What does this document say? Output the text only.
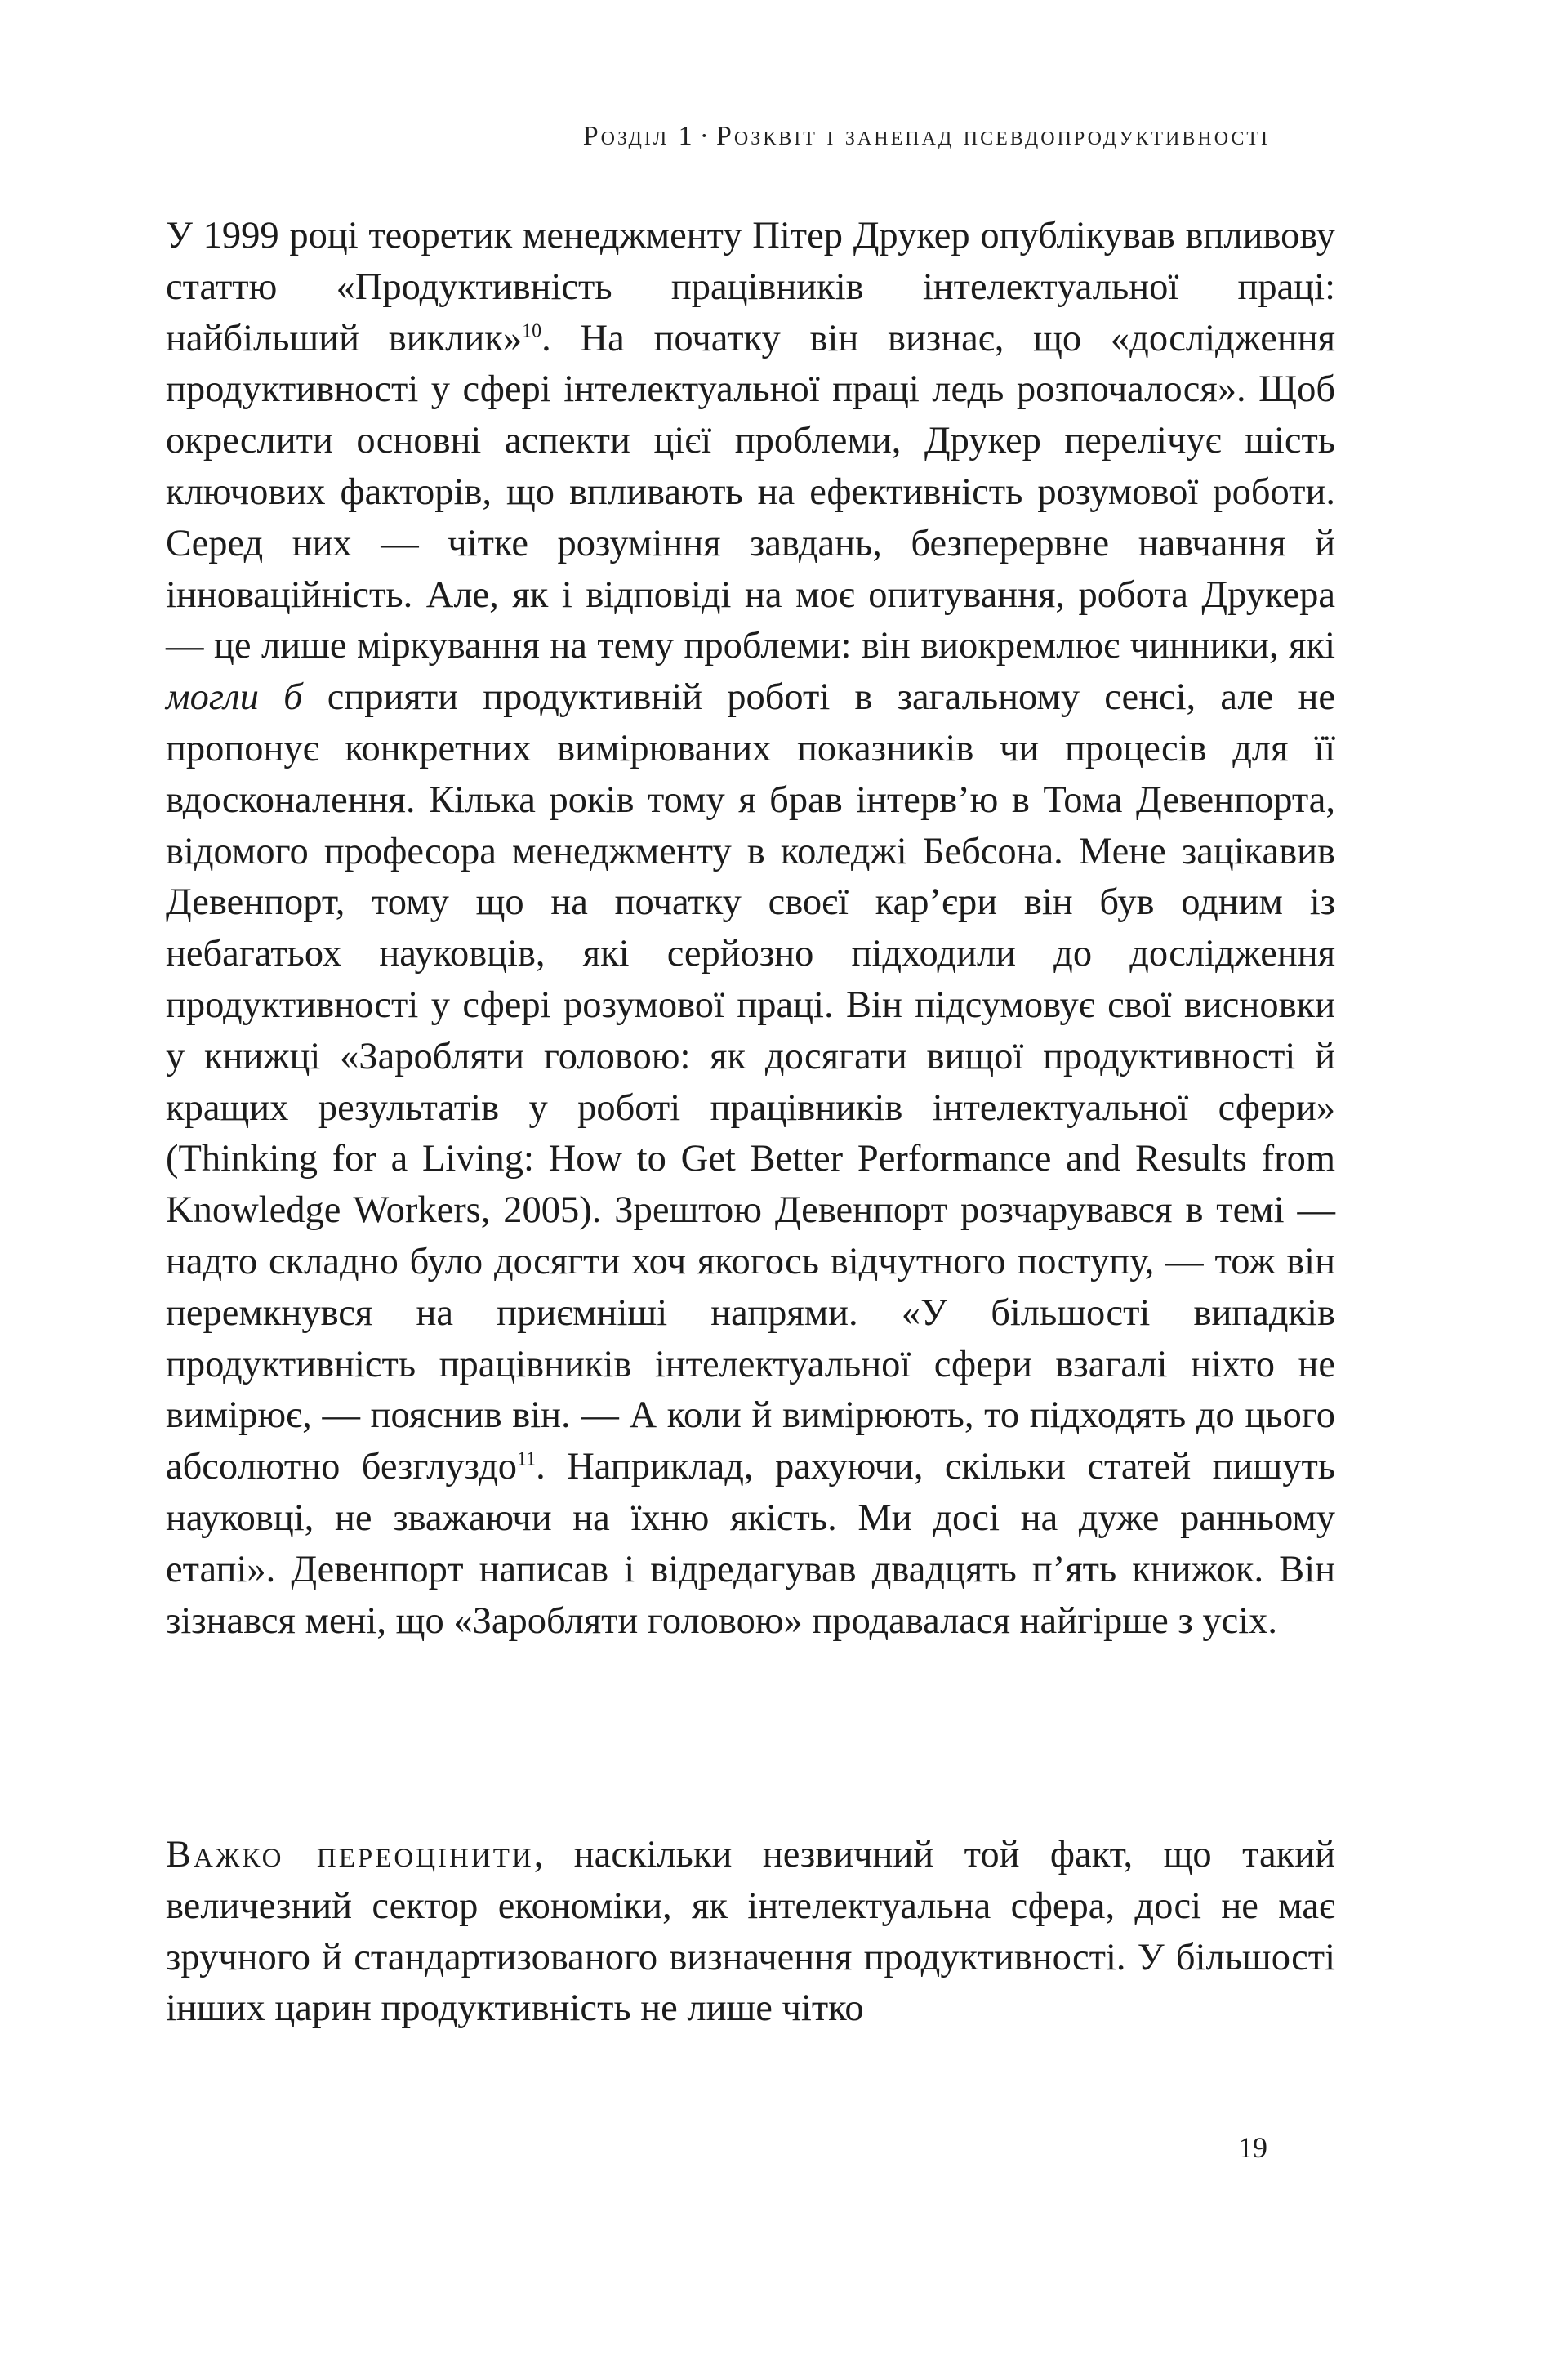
Розділ 1 · Розквіт і занепад псевдопродуктивності
У 1999 році теоретик менеджменту Пітер Друкер опублікував впливову статтю «Продуктивність працівників інтелектуальної праці: найбільший виклик»$^{10}$. На початку він визнає, що «дослідження продуктивності у сфері інтелектуальної праці ледь розпочалося». Щоб окреслити основні аспекти цієї проблеми, Друкер перелічує шість ключових факторів, що впливають на ефективність розумової роботи. Серед них — чітке розуміння завдань, безперервне навчання й інноваційність. Але, як і відповіді на моє опитування, робота Друкера — це лише міркування на тему проблеми: він виокремлює чинники, які могли б сприяти продуктивній роботі в загальному сенсі, але не пропонує конкретних вимірюваних показників чи процесів для її вдосконалення. Кілька років тому я брав інтерв’ю в Тома Девенпорта, відомого професора менеджменту в коледжі Бебсона. Мене зацікавив Девенпорт, тому що на початку своєї кар’єри він був одним із небагатьох науковців, які серйозно підходили до дослідження продуктивності у сфері розумової праці. Він підсумовує свої висновки у книжці «Заробляти головою: як досягати вищої продуктивності й кращих результатів у роботі працівників інтелектуальної сфери» (Thinking for a Living: How to Get Better Performance and Results from Knowledge Workers, 2005). Зрештою Девенпорт розчарувався в темі — надто складно було досягти хоч якогось відчутного поступу, — тож він перемкнувся на приємніші напрями. «У більшості випадків продуктивність працівників інтелектуальної сфери взагалі ніхто не вимірює, — пояснив він. — А коли й вимірюють, то підходять до цього абсолютно безглуздо$^{11}$. Наприклад, рахуючи, скільки статей пишуть науковці, не зважаючи на їхню якість. Ми досі на дуже ранньому етапі». Девенпорт написав і відредагував двадцять п’ять книжок. Він зізнався мені, що «Заробляти головою» продавалася найгірше з усіх.
Важко переоцінити, наскільки незвичний той факт, що такий величезний сектор економіки, як інтелектуальна сфера, досі не має зручного й стандартизованого визначення продуктивності. У більшості інших царин продуктивність не лише чітко
19
